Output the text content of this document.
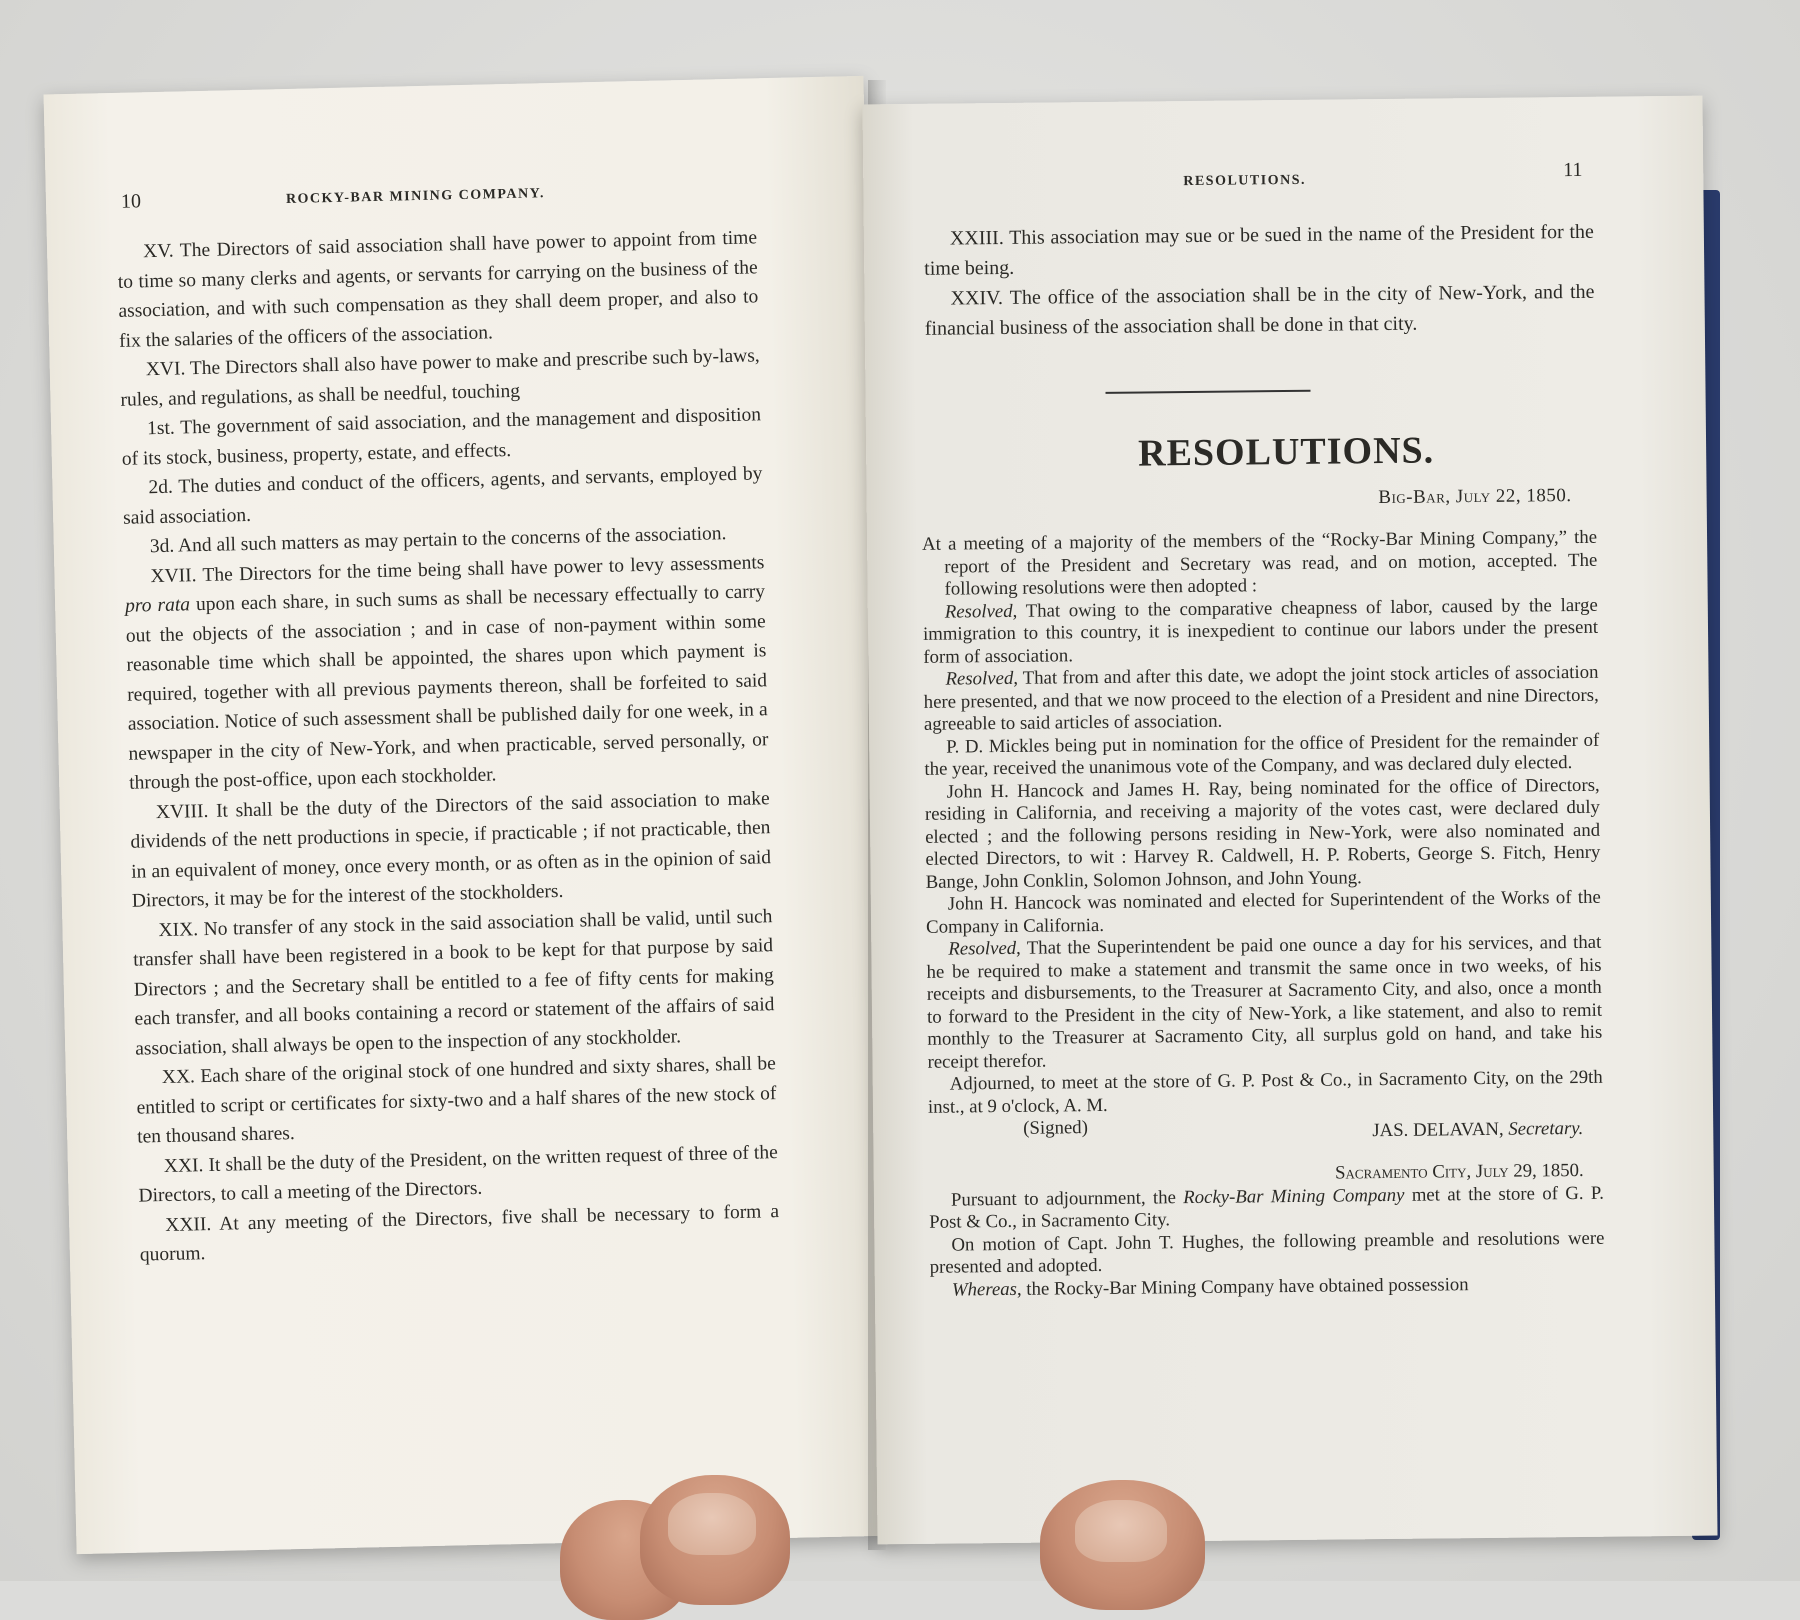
10	ROCKY-BAR MINING COMPANY.

XV. The Directors of said association shall have power to appoint from time to time so many clerks and agents, or servants for carrying on the business of the association, and with such compensation as they shall deem proper, and also to fix the salaries of the officers of the association.

XVI. The Directors shall also have power to make and prescribe such by-laws, rules, and regulations, as shall be needful, touching

1st. The government of said association, and the management and disposition of its stock, business, property, estate, and effects.

2d. The duties and conduct of the officers, agents, and servants, employed by said association.

3d. And all such matters as may pertain to the concerns of the association.

XVII. The Directors for the time being shall have power to levy assessments pro rata upon each share, in such sums as shall be necessary effectually to carry out the objects of the association ; and in case of non-payment within some reasonable time which shall be appointed, the shares upon which payment is required, together with all previous payments thereon, shall be forfeited to said association. Notice of such assessment shall be published daily for one week, in a newspaper in the city of New-York, and when practicable, served personally, or through the post-office, upon each stockholder.

XVIII. It shall be the duty of the Directors of the said association to make dividends of the nett productions in specie, if practicable ; if not practicable, then in an equivalent of money, once every month, or as often as in the opinion of said Directors, it may be for the interest of the stockholders.

XIX. No transfer of any stock in the said association shall be valid, until such transfer shall have been registered in a book to be kept for that purpose by said Directors ; and the Secretary shall be entitled to a fee of fifty cents for making each transfer, and all books containing a record or statement of the affairs of said association, shall always be open to the inspection of any stockholder.

XX. Each share of the original stock of one hundred and sixty shares, shall be entitled to script or certificates for sixty-two and a half shares of the new stock of ten thousand shares.

XXI. It shall be the duty of the President, on the written request of three of the Directors, to call a meeting of the Directors.

XXII. At any meeting of the Directors, five shall be necessary to form a quorum.

RESOLUTIONS.	11

XXIII. This association may sue or be sued in the name of the President for the time being.

XXIV. The office of the association shall be in the city of New-York, and the financial business of the association shall be done in that city.

RESOLUTIONS.
Big-Bar, July 22, 1850.

At a meeting of a majority of the members of the “Rocky-Bar Mining Company,” the report of the President and Secretary was read, and on motion, accepted. The following resolutions were then adopted :

Resolved, That owing to the comparative cheapness of labor, caused by the large immigration to this country, it is inexpedient to continue our labors under the present form of association.

Resolved, That from and after this date, we adopt the joint stock articles of association here presented, and that we now proceed to the election of a President and nine Directors, agreeable to said articles of association.

P. D. Mickles being put in nomination for the office of President for the remainder of the year, received the unanimous vote of the Company, and was declared duly elected.

John H. Hancock and James H. Ray, being nominated for the office of Directors, residing in California, and receiving a majority of the votes cast, were declared duly elected ; and the following persons residing in New-York, were also nominated and elected Directors, to wit : Harvey R. Caldwell, H. P. Roberts, George S. Fitch, Henry Bange, John Conklin, Solomon Johnson, and John Young.

John H. Hancock was nominated and elected for Superintendent of the Works of the Company in California.

Resolved, That the Superintendent be paid one ounce a day for his services, and that he be required to make a statement and transmit the same once in two weeks, of his receipts and disbursements, to the Treasurer at Sacramento City, and also, once a month to forward to the President in the city of New-York, a like statement, and also to remit monthly to the Treasurer at Sacramento City, all surplus gold on hand, and take his receipt therefor.

Adjourned, to meet at the store of G. P. Post & Co., in Sacramento City, on the 29th inst., at 9 o'clock, A. M.

(Signed)	JAS. DELAVAN, Secretary.
Sacramento City, July 29, 1850.

Pursuant to adjournment, the Rocky-Bar Mining Company met at the store of G. P. Post & Co., in Sacramento City.

On motion of Capt. John T. Hughes, the following preamble and resolutions were presented and adopted.

Whereas, the Rocky-Bar Mining Company have obtained possession
